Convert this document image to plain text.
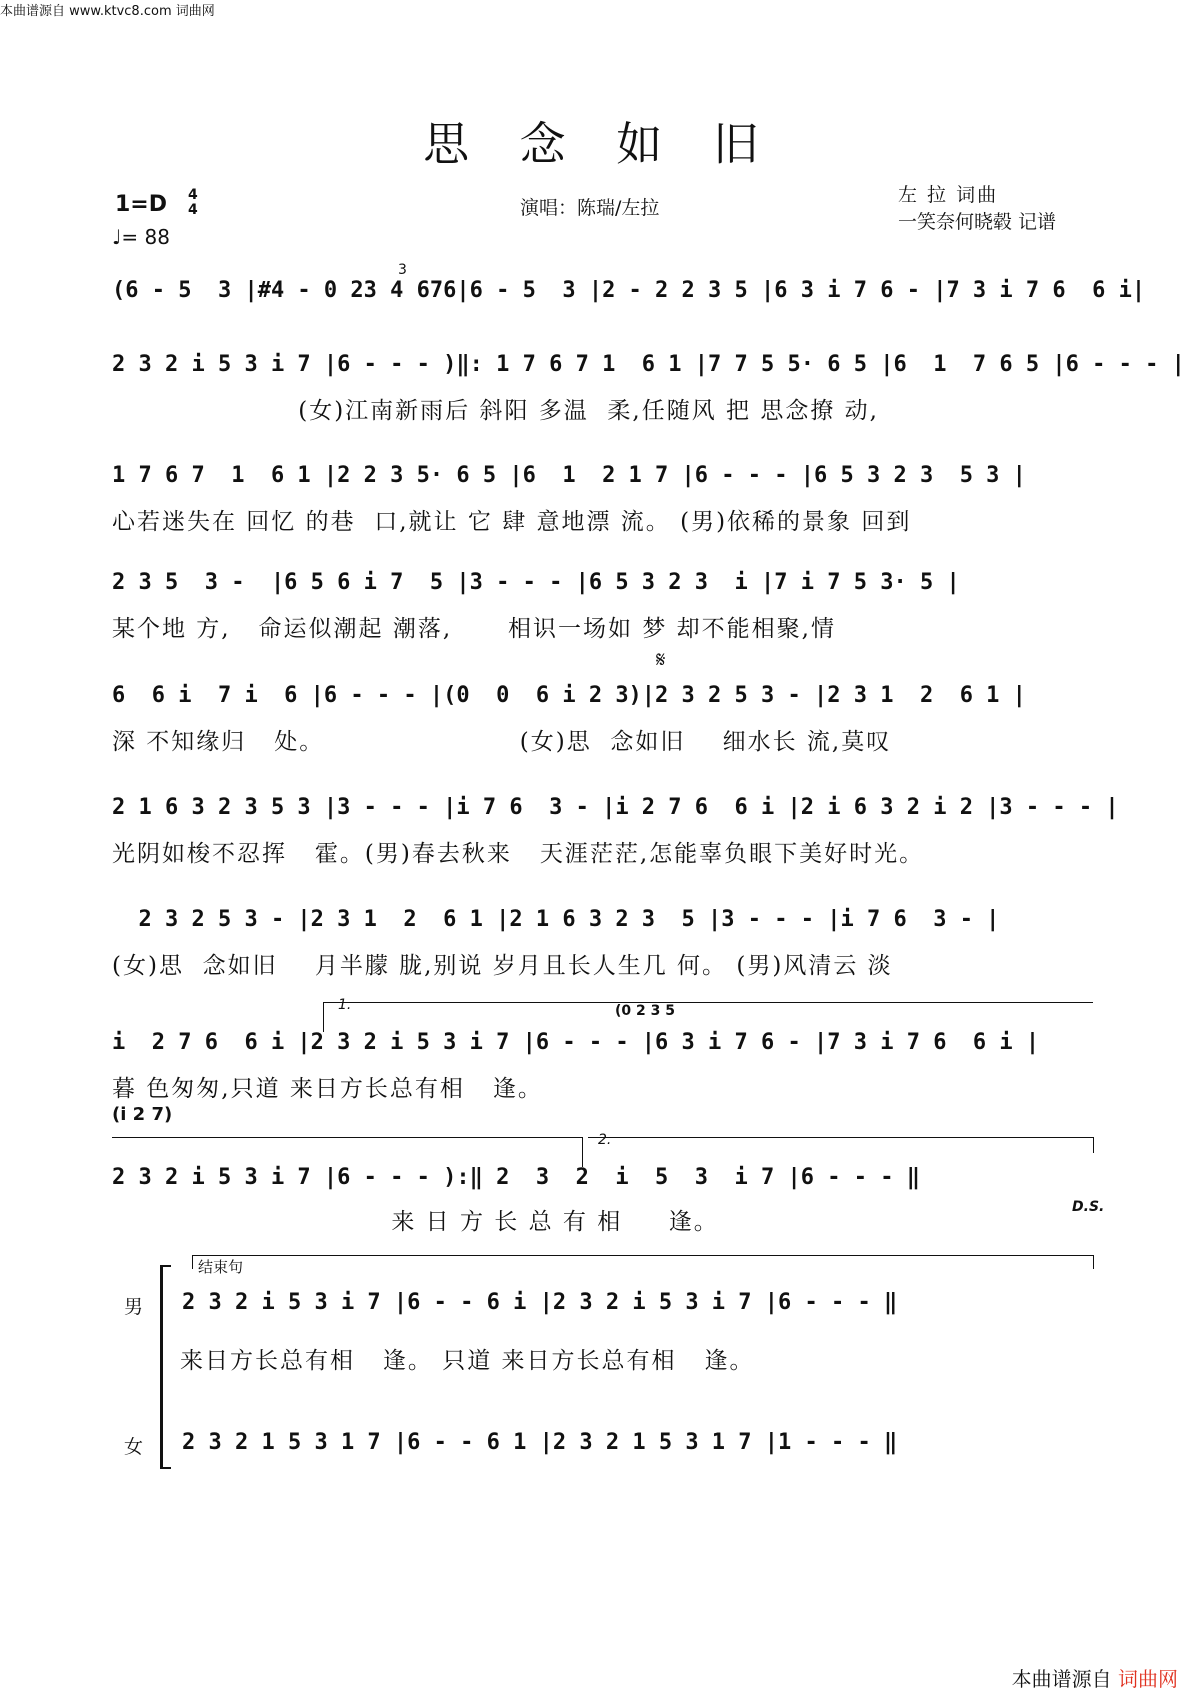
本曲谱源自 www.ktvc8.com 词曲网
思 念 如 旧
1=D 4
4
♩= 88
演唱：陈瑞/左拉
左 拉 词曲
一笑奈何晓毂 记谱
(6 - 5  3 |#4 - 0 23 4 676|6 - 5  3 |2 - 2 2 3 5 |6 3 i 7 6 - |7 3 i 7 6  6 i|
3
2 3 2 i 5 3 i 7 |6 - - - )‖: 1 7 6 7 1  6 1 |7 7 5 5· 6 5 |6  1  7 6 5 |6 - - - |
(女)江南新雨后 斜阳 多温  柔,任随风 把 思念撩 动,
1 7 6 7  1  6 1 |2 2 3 5· 6 5 |6  1  2 1 7 |6 - - - |6 5 3 2 3  5 3 |
心若迷失在 回忆 的巷  口,就让 它 肆 意地漂 流。 (男)依稀的景象 回到
2 3 5  3 -  |6 5 6 i 7  5 |3 - - - |6 5 3 2 3  i |7 i 7 5 3· 5 |
某个地 方,   命运似潮起 潮落,      相识一场如 梦 却不能相聚,情
𝄋
6  6 i  7 i  6 |6 - - - |(0  0  6 i 2 3)|2 3 2 5 3 - |2 3 1  2  6 1 |
深 不知缘归   处。                     (女)思  念如旧    细水长 流,莫叹
2 1 6 3 2 3 5 3 |3 - - - |i 7 6  3 - |i 2 7 6  6 i |2 i 6 3 2 i 2 |3 - - - |
光阴如梭不忍挥   霍。(男)春去秋来   天涯茫茫,怎能辜负眼下美好时光。
2 3 2 5 3 - |2 3 1  2  6 1 |2 1 6 3 2 3  5 |3 - - - |i 7 6  3 - |
(女)思  念如旧    月半朦 胧,别说 岁月且长人生几 何。 (男)风清云 淡
1.	(0 2 3 5
i  2 7 6  6 i |2 3 2 i 5 3 i 7 |6 - - - |6 3 i 7 6 - |7 3 i 7 6  6 i |
暮 色匆匆,只道 来日方长总有相   逢。
(i 2 7)
2.
2 3 2 i 5 3 i 7 |6 - - - ):‖ 2  3  2  i  5  3  i 7 |6 - - - ‖
来 日 方 长 总 有 相     逢。
D.S.
结束句
男
女
2 3 2 i 5 3 i 7 |6 - - 6 i |2 3 2 i 5 3 i 7 |6 - - - ‖
来日方长总有相   逢。 只道 来日方长总有相   逢。
2 3 2 1 5 3 1 7 |6 - - 6 1 |2 3 2 1 5 3 1 7 |1 - - - ‖
本曲谱源自 词曲网
